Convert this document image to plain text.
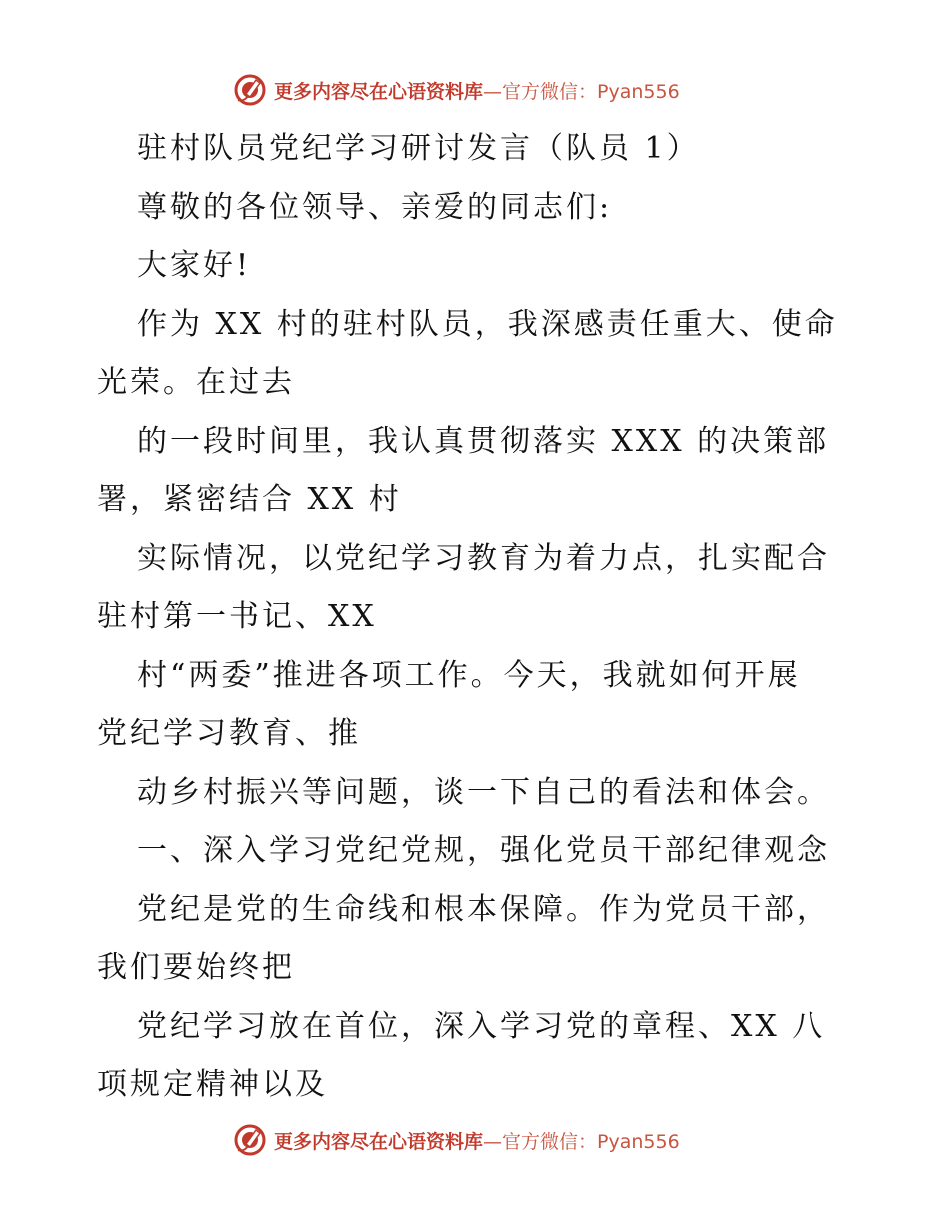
更多内容尽在心语资料库—官方微信：Pyan556
驻村队员党纪学习研讨发言（队员 1）
尊敬的各位领导、亲爱的同志们:
大家好!
作为 XX 村的驻村队员，我深感责任重大、使命
光荣。在过去
的一段时间里，我认真贯彻落实 XXX 的决策部
署，紧密结合 XX 村
实际情况，以党纪学习教育为着力点，扎实配合
驻村第一书记、XX
村“两委”推进各项工作。今天，我就如何开展
党纪学习教育、推
动乡村振兴等问题，谈一下自己的看法和体会。
一、深入学习党纪党规，强化党员干部纪律观念
党纪是党的生命线和根本保障。作为党员干部，
我们要始终把
党纪学习放在首位，深入学习党的章程、XX 八
项规定精神以及
更多内容尽在心语资料库—官方微信：Pyan556
